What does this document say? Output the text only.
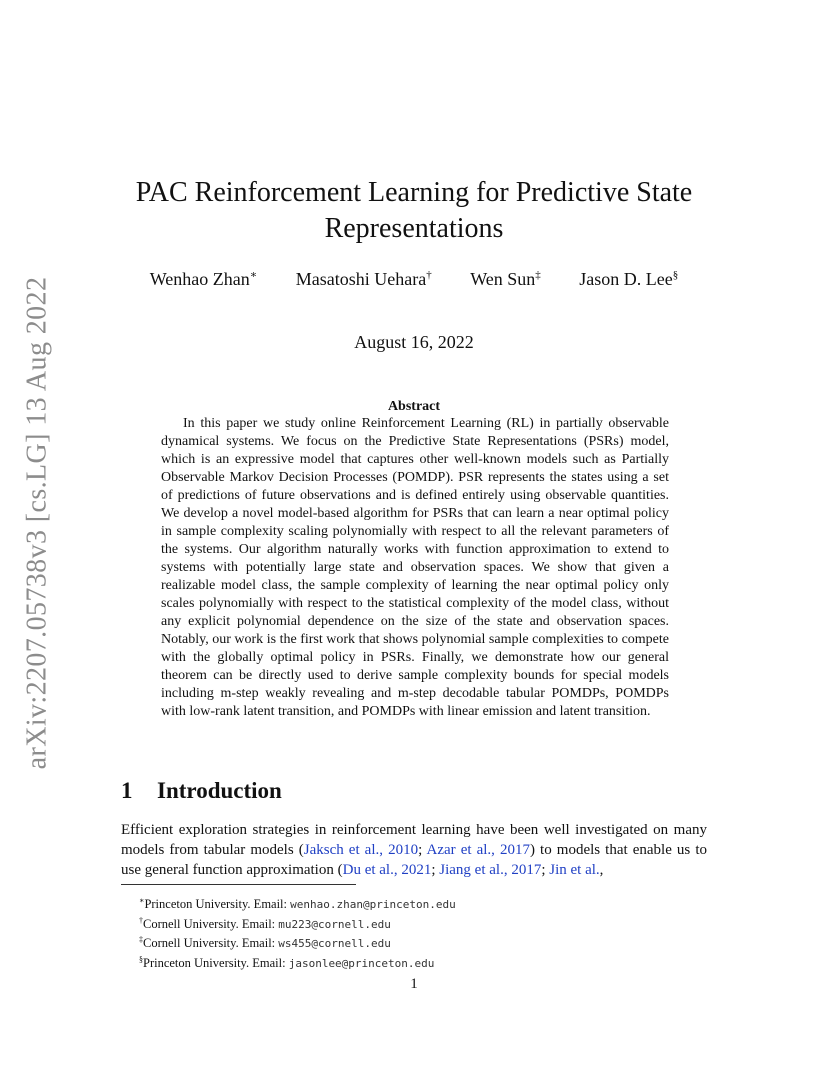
arXiv:2207.05738v3 [cs.LG] 13 Aug 2022
PAC Reinforcement Learning for Predictive State
Representations
Wenhao Zhan∗ Masatoshi Uehara† Wen Sun‡ Jason D. Lee§
August 16, 2022
Abstract

In this paper we study online Reinforcement Learning (RL) in partially observable dynamical systems. We focus on the Predictive State Representations (PSRs) model, which is an expressive model that captures other well-known models such as Partially Observable Markov Decision Processes (POMDP). PSR represents the states using a set of predictions of future observations and is defined entirely using observable quantities. We develop a novel model-based algorithm for PSRs that can learn a near optimal policy in sample complexity scaling polynomially with respect to all the relevant parameters of the systems. Our algorithm naturally works with function approximation to extend to systems with potentially large state and observation spaces. We show that given a realizable model class, the sample complexity of learning the near optimal policy only scales polynomially with respect to the statistical complexity of the model class, without any explicit polynomial dependence on the size of the state and observation spaces. Notably, our work is the first work that shows polynomial sample complexities to compete with the globally optimal policy in PSRs. Finally, we demonstrate how our general theorem can be directly used to derive sample complexity bounds for special models including m-step weakly revealing and m-step decodable tabular POMDPs, POMDPs with low-rank latent transition, and POMDPs with linear emission and latent transition.

1 Introduction

Efficient exploration strategies in reinforcement learning have been well investigated on many models from tabular models (Jaksch et al., 2010; Azar et al., 2017) to models that enable us to use general function approximation (Du et al., 2021; Jiang et al., 2017; Jin et al.,

∗Princeton University. Email: wenhao.zhan@princeton.edu
†Cornell University. Email: mu223@cornell.edu
‡Cornell University. Email: ws455@cornell.edu
§Princeton University. Email: jasonlee@princeton.edu
1
